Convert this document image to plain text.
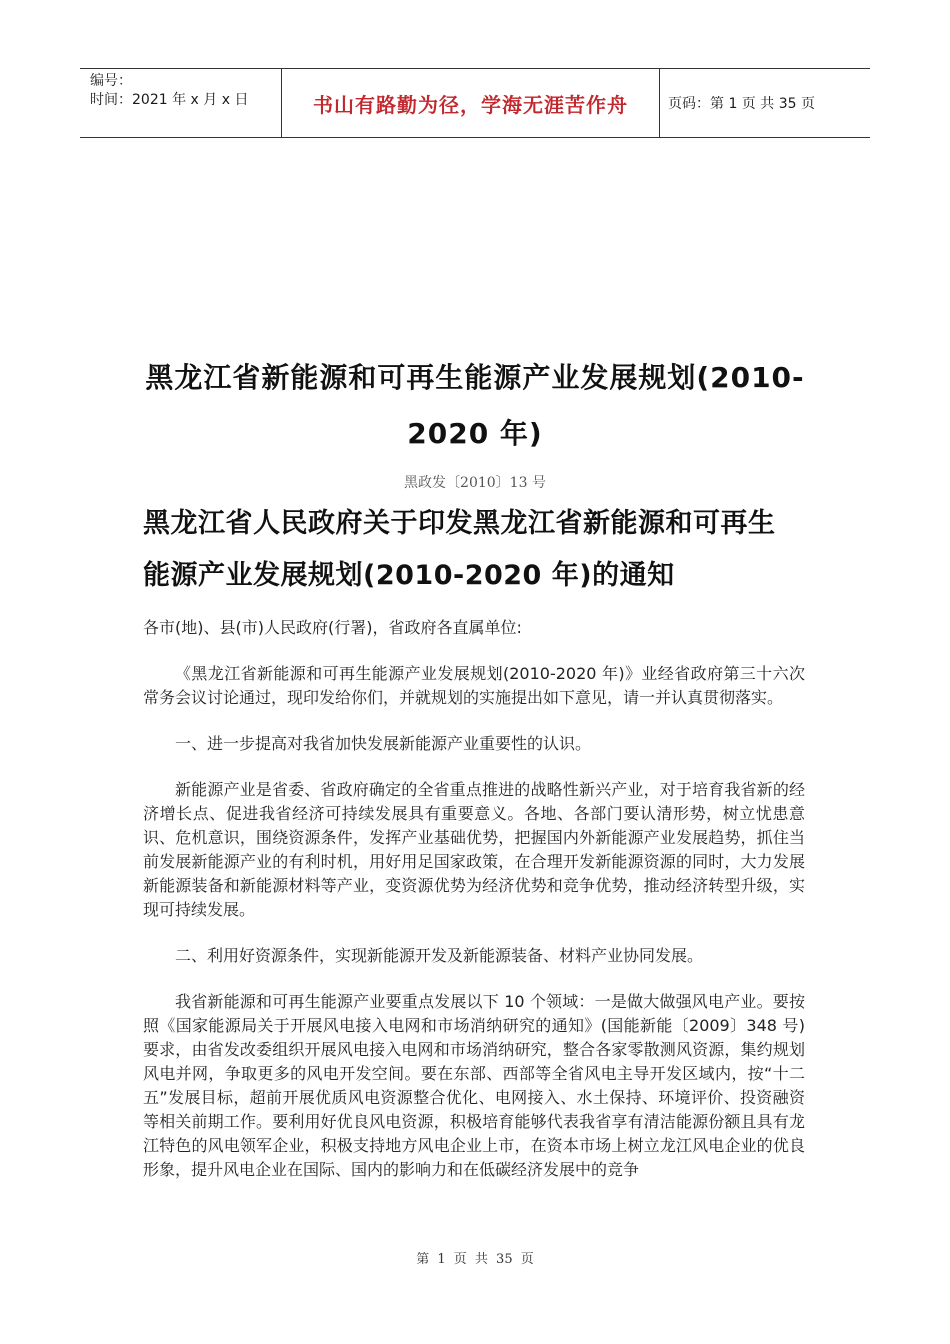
编号：
时间：2021 年 x 月 x 日	书山有路勤为径，学海无涯苦作舟	页码：第 1 页 共 35 页
黑龙江省新能源和可再生能源产业发展规划(2010-
2020 年)
黑政发〔2010〕13 号
黑龙江省人民政府关于印发黑龙江省新能源和可再生
能源产业发展规划(2010-2020 年)的通知

各市(地)、县(市)人民政府(行署)，省政府各直属单位:

《黑龙江省新能源和可再生能源产业发展规划(2010-2020 年)》业经省政府第三十六次常务会议讨论通过，现印发给你们，并就规划的实施提出如下意见，请一并认真贯彻落实。

一、进一步提高对我省加快发展新能源产业重要性的认识。

新能源产业是省委、省政府确定的全省重点推进的战略性新兴产业，对于培育我省新的经济增长点、促进我省经济可持续发展具有重要意义。各地、各部门要认清形势，树立忧患意识、危机意识，围绕资源条件，发挥产业基础优势，把握国内外新能源产业发展趋势，抓住当前发展新能源产业的有利时机，用好用足国家政策，在合理开发新能源资源的同时，大力发展新能源装备和新能源材料等产业，变资源优势为经济优势和竞争优势，推动经济转型升级，实现可持续发展。

二、利用好资源条件，实现新能源开发及新能源装备、材料产业协同发展。

我省新能源和可再生能源产业要重点发展以下 10 个领域：一是做大做强风电产业。要按照《国家能源局关于开展风电接入电网和市场消纳研究的通知》(国能新能〔2009〕348 号)要求，由省发改委组织开展风电接入电网和市场消纳研究，整合各家零散测风资源，集约规划风电并网，争取更多的风电开发空间。要在东部、西部等全省风电主导开发区域内，按“十二五”发展目标，超前开展优质风电资源整合优化、电网接入、水土保持、环境评价、投资融资等相关前期工作。要利用好优良风电资源，积极培育能够代表我省享有清洁能源份额且具有龙江特色的风电领军企业，积极支持地方风电企业上市，在资本市场上树立龙江风电企业的优良形象，提升风电企业在国际、国内的影响力和在低碳经济发展中的竞争

第 1 页 共 35 页
